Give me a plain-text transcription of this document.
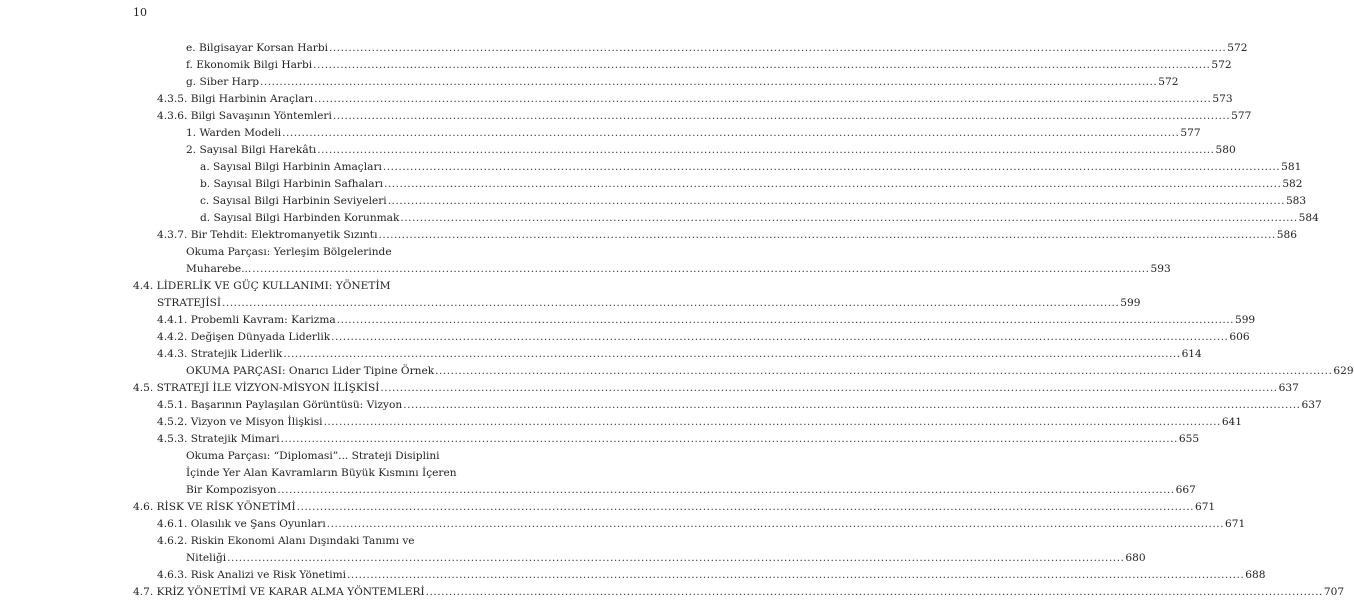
10
e. Bilgisayar Korsan Harbi .....	572
f. Ekonomik Bilgi Harbi .....	572
g. Siber Harp .....	572
4.3.5. Bilgi Harbinin Araçları .....	573
4.3.6. Bilgi Savaşının Yöntemleri .....	577
1. Warden Modeli .....	577
2. Sayısal Bilgi Harekâtı .....	580
a. Sayısal Bilgi Harbinin Amaçları .....	581
b. Sayısal Bilgi Harbinin Safhaları .....	582
c. Sayısal Bilgi Harbinin Seviyeleri .....	583
d. Sayısal Bilgi Harbinden Korunmak .....	584
4.3.7. Bir Tehdit: Elektromanyetik Sızıntı .....	586
Okuma Parçası: Yerleşim Bölgelerinde
Muharebe... .....	593
4.4. LİDERLİK VE GÜÇ KULLANIMI: YÖNETİM
STRATEJİSİ .....	599
4.4.1. Probemli Kavram: Karizma .....	599
4.4.2. Değişen Dünyada Liderlik .....	606
4.4.3. Stratejik Liderlik .....	614
OKUMA PARÇASI: Onarıcı Lider Tipine Örnek .....	629
4.5. STRATEJİ İLE VİZYON-MİSYON İLİŞKİSİ .....	637
4.5.1. Başarının Paylaşılan Görüntüsü: Vizyon .....	637
4.5.2. Vizyon ve Misyon İlişkisi .....	641
4.5.3. Stratejik Mimari .....	655
Okuma Parçası: “Diplomasi”... Strateji Disiplini
İçinde Yer Alan Kavramların Büyük Kısmını İçeren
Bir Kompozisyon .....	667
4.6. RİSK VE RİSK YÖNETİMİ .....	671
4.6.1. Olasılık ve Şans Oyunları .....	671
4.6.2. Riskin Ekonomi Alanı Dışındaki Tanımı ve
Niteliği .....	680
4.6.3. Risk Analizi ve Risk Yönetimi .....	688
4.7. KRİZ YÖNETİMİ VE KARAR ALMA YÖNTEMLERİ .....	707
